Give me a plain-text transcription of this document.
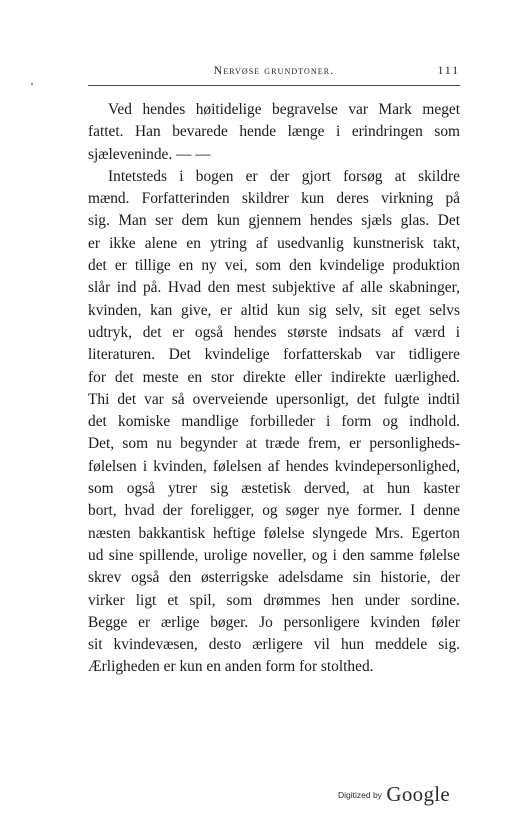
Nervøse grundtoner.	111
Ved hendes høitidelige begravelse var Mark meget
fattet. Han bevarede hende længe i erindringen som
sjæleveninde. — —
Intetsteds i bogen er der gjort forsøg at skildre
mænd. Forfatterinden skildrer kun deres virkning på
sig. Man ser dem kun gjennem hendes sjæls glas. Det
er ikke alene en ytring af usedvanlig kunstnerisk takt,
det er tillige en ny vei, som den kvindelige produktion
slår ind på. Hvad den mest subjektive af alle skabninger,
kvinden, kan give, er altid kun sig selv, sit eget selvs
udtryk, det er også hendes største indsats af værd i
literaturen. Det kvindelige forfatterskab var tidligere
for det meste en stor direkte eller indirekte uærlighed.
Thi det var så overveiende upersonligt, det fulgte indtil
det komiske mandlige forbilleder i form og indhold.
Det, som nu begynder at træde frem, er personligheds-
følelsen i kvinden, følelsen af hendes kvindepersonlighed,
som også ytrer sig æstetisk derved, at hun kaster
bort, hvad der foreligger, og søger nye former. I denne
næsten bakkantisk heftige følelse slyngede Mrs. Egerton
ud sine spillende, urolige noveller, og i den samme følelse
skrev også den østerrigske adelsdame sin historie, der
virker ligt et spil, som drømmes hen under sordine.
Begge er ærlige bøger. Jo personligere kvinden føler
sit kvindevæsen, desto ærligere vil hun meddele sig.
Ærligheden er kun en anden form for stolthed.
Digitized by Google
